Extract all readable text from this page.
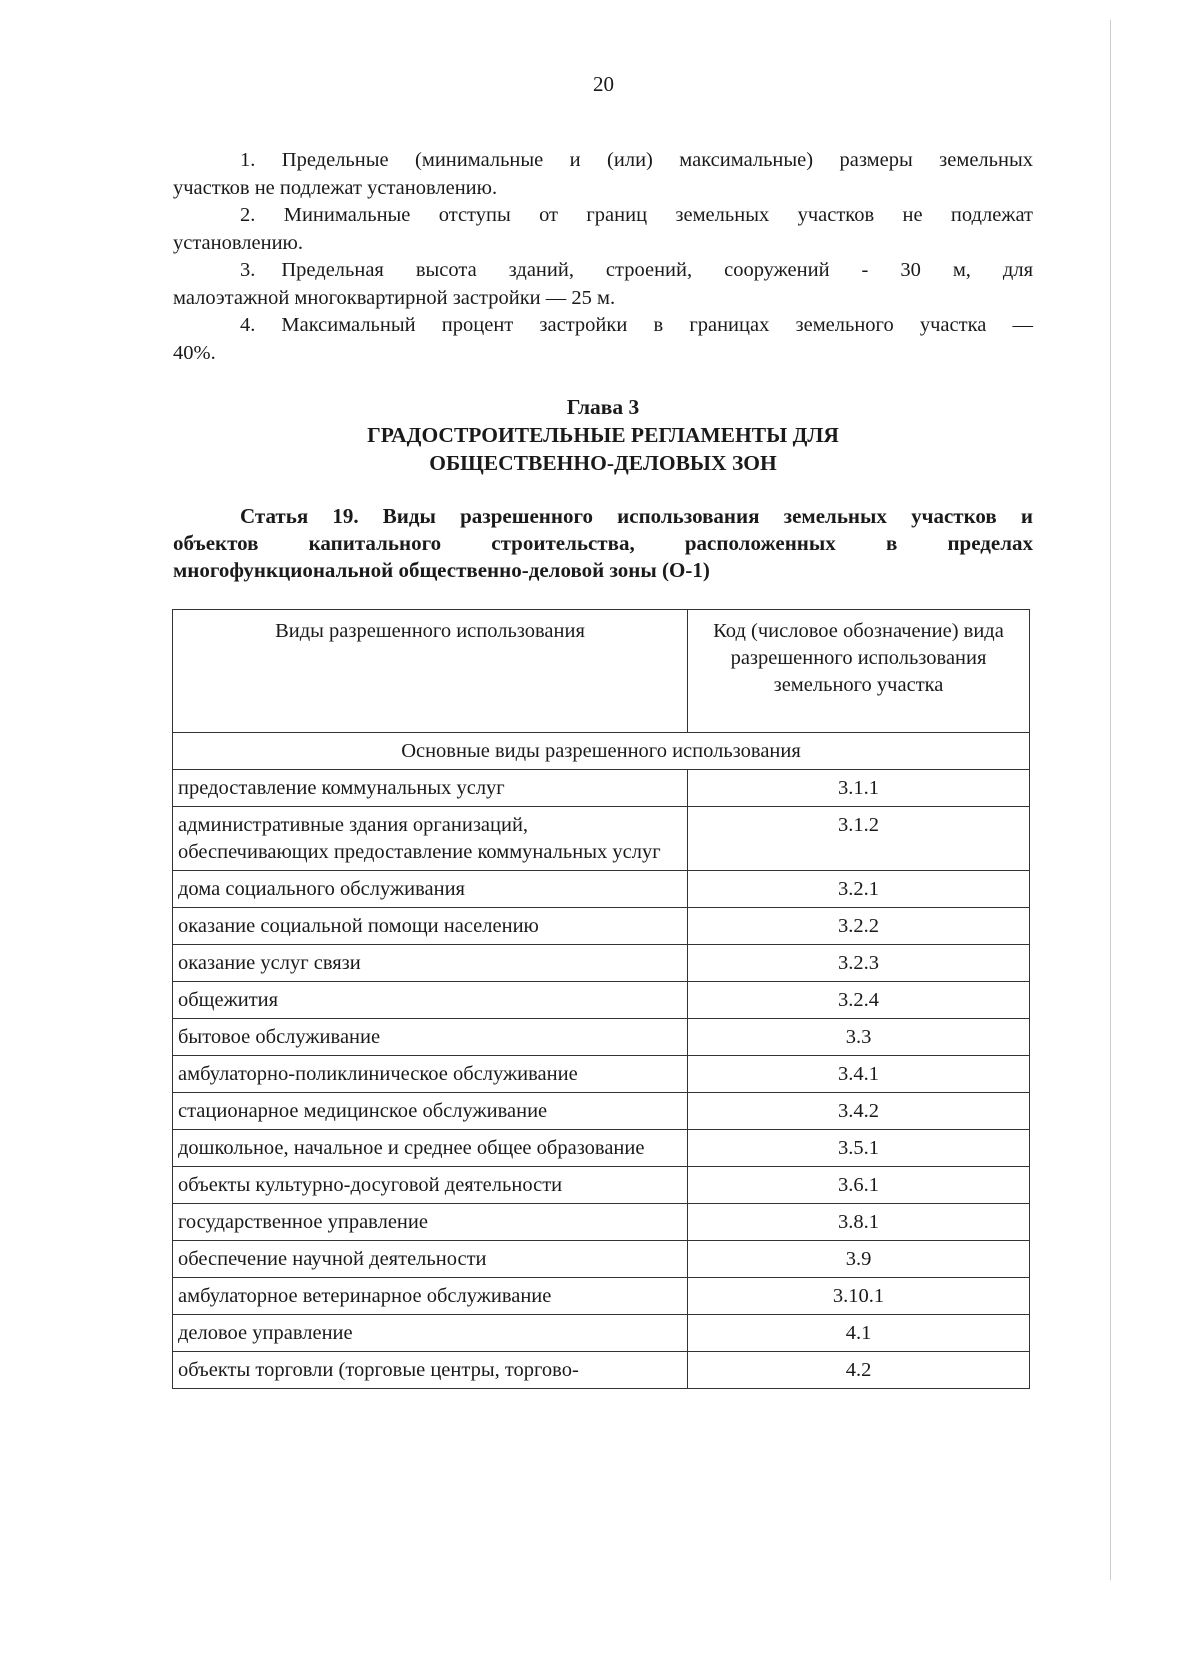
20

1. Предельные (минимальные и (или) максимальные) размеры земельных

участков не подлежат установлению.

2. Минимальные отступы от границ земельных участков не подлежат

установлению.

3. Предельная высота зданий, строений, сооружений - 30 м, для

малоэтажной многоквартирной застройки — 25 м.

4. Максимальный процент застройки в границах земельного участка —

40%.

Глава 3
ГРАДОСТРОИТЕЛЬНЫЕ РЕГЛАМЕНТЫ ДЛЯ
ОБЩЕСТВЕННО-ДЕЛОВЫХ ЗОН

Статья 19. Виды разрешенного использования земельных участков и

объектов капитального строительства, расположенных в пределах

многофункциональной общественно-деловой зоны (О-1)

Виды разрешенного использования	Код (числовое обозначение) вида разрешенного использования земельного участка
Основные виды разрешенного использования	
предоставление коммунальных услуг	3.1.1
административные здания организаций, обеспечивающих предоставление коммунальных услуг	3.1.2
дома социального обслуживания	3.2.1
оказание социальной помощи населению	3.2.2
оказание услуг связи	3.2.3
общежития	3.2.4
бытовое обслуживание	3.3
амбулаторно-поликлиническое обслуживание	3.4.1
стационарное медицинское обслуживание	3.4.2
дошкольное, начальное и среднее общее образование	3.5.1
объекты культурно-досуговой деятельности	3.6.1
государственное управление	3.8.1
обеспечение научной деятельности	3.9
амбулаторное ветеринарное обслуживание	3.10.1
деловое управление	4.1
объекты торговли (торговые центры, торгово-	4.2
